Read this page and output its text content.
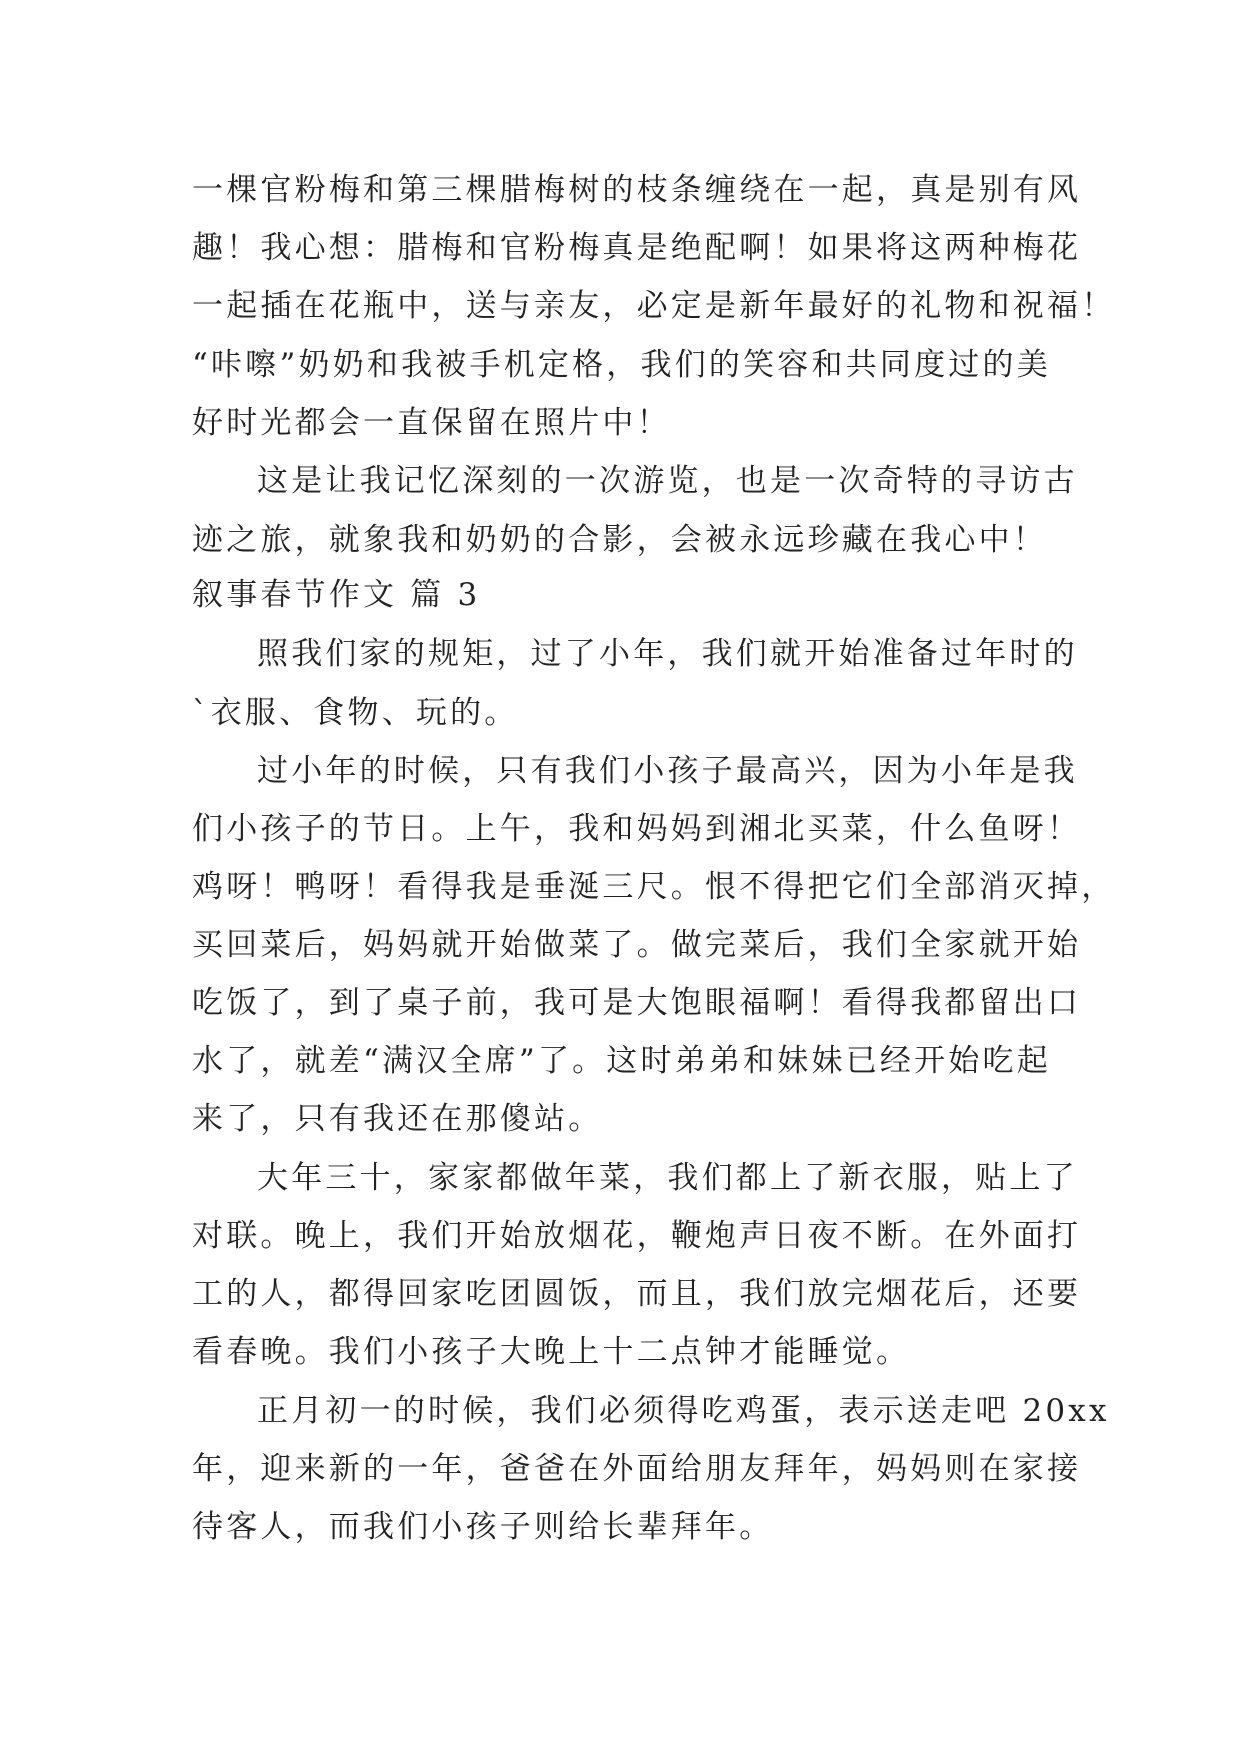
一棵官粉梅和第三棵腊梅树的枝条缠绕在一起，真是别有风
趣！我心想：腊梅和官粉梅真是绝配啊！如果将这两种梅花
一起插在花瓶中，送与亲友，必定是新年最好的礼物和祝福！
“咔嚓”奶奶和我被手机定格，我们的笑容和共同度过的美
好时光都会一直保留在照片中！
这是让我记忆深刻的一次游览，也是一次奇特的寻访古
迹之旅，就象我和奶奶的合影，会被永远珍藏在我心中！
叙事春节作文 篇 3
照我们家的规矩，过了小年，我们就开始准备过年时的
`衣服、食物、玩的。
过小年的时候，只有我们小孩子最高兴，因为小年是我
们小孩子的节日。上午，我和妈妈到湘北买菜，什么鱼呀！
鸡呀！鸭呀！看得我是垂涎三尺。恨不得把它们全部消灭掉，
买回菜后，妈妈就开始做菜了。做完菜后，我们全家就开始
吃饭了，到了桌子前，我可是大饱眼福啊！看得我都留出口
水了，就差“满汉全席”了。这时弟弟和妹妹已经开始吃起
来了，只有我还在那傻站。
大年三十，家家都做年菜，我们都上了新衣服，贴上了
对联。晚上，我们开始放烟花，鞭炮声日夜不断。在外面打
工的人，都得回家吃团圆饭，而且，我们放完烟花后，还要
看春晚。我们小孩子大晚上十二点钟才能睡觉。
正月初一的时候，我们必须得吃鸡蛋，表示送走吧 20xx
年，迎来新的一年，爸爸在外面给朋友拜年，妈妈则在家接
待客人，而我们小孩子则给长辈拜年。
